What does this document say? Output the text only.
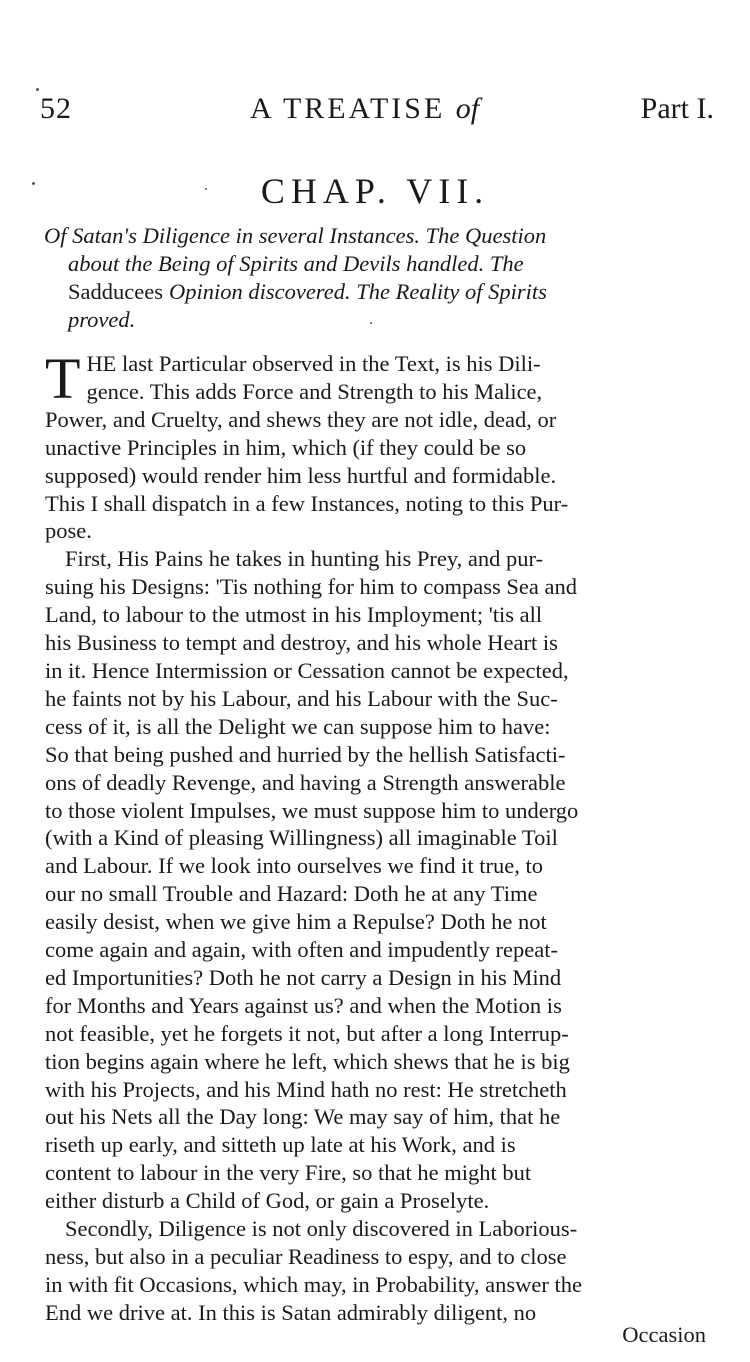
52	A TREATISE of	Part I.
CHAP. VII.
Of Satan's Diligence in several Instances. The Question
about the Being of Spirits and Devils handled. The
Sadducees Opinion discovered. The Reality of Spirits
proved.
T HE last Particular observed in the Text, is his Dili-
gence. This adds Force and Strength to his Malice,
Power, and Cruelty, and shews they are not idle, dead, or
unactive Principles in him, which (if they could be so
supposed) would render him less hurtful and formidable.
This I shall dispatch in a few Instances, noting to this Pur-
pose.
First, His Pains he takes in hunting his Prey, and pur-
suing his Designs: 'Tis nothing for him to compass Sea and
Land, to labour to the utmost in his Imployment; 'tis all
his Business to tempt and destroy, and his whole Heart is
in it. Hence Intermission or Cessation cannot be expected,
he faints not by his Labour, and his Labour with the Suc-
cess of it, is all the Delight we can suppose him to have:
So that being pushed and hurried by the hellish Satisfacti-
ons of deadly Revenge, and having a Strength answerable
to those violent Impulses, we must suppose him to undergo
(with a Kind of pleasing Willingness) all imaginable Toil
and Labour. If we look into ourselves we find it true, to
our no small Trouble and Hazard: Doth he at any Time
easily desist, when we give him a Repulse? Doth he not
come again and again, with often and impudently repeat-
ed Importunities? Doth he not carry a Design in his Mind
for Months and Years against us? and when the Motion is
not feasible, yet he forgets it not, but after a long Interrup-
tion begins again where he left, which shews that he is big
with his Projects, and his Mind hath no rest: He stretcheth
out his Nets all the Day long: We may say of him, that he
riseth up early, and sitteth up late at his Work, and is
content to labour in the very Fire, so that he might but
either disturb a Child of God, or gain a Proselyte.
Secondly, Diligence is not only discovered in Laborious-
ness, but also in a peculiar Readiness to espy, and to close
in with fit Occasions, which may, in Probability, answer the
End we drive at. In this is Satan admirably diligent, no
Occasion
